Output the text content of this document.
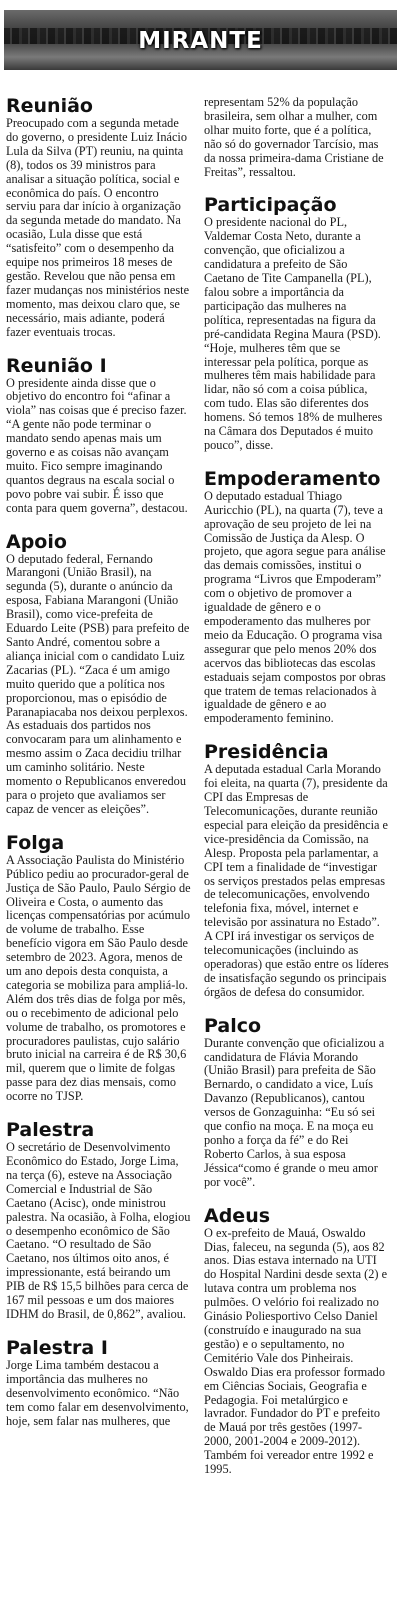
MIRANTE
Reunião

Preocupado com a segunda metade do governo, o presidente Luiz Inácio Lula da Silva (PT) reuniu, na quinta (8), todos os 39 ministros para analisar a situação política, social e econômica do país. O encontro serviu para dar início à organização da segunda metade do mandato. Na ocasião, Lula disse que está “satisfeito” com o desempenho da equipe nos primeiros 18 meses de gestão. Revelou que não pensa em fazer mudanças nos ministérios neste momento, mas deixou claro que, se necessário, mais adiante, poderá fazer eventuais trocas.

Reunião I

O presidente ainda disse que o objetivo do encontro foi “afinar a viola” nas coisas que é preciso fazer. “A gente não pode terminar o mandato sendo apenas mais um governo e as coisas não avançam muito. Fico sempre imaginando quantos degraus na escala social o povo pobre vai subir. É isso que conta para quem governa”, destacou.

Apoio

O deputado federal, Fernando Marangoni (União Brasil), na segunda (5), durante o anúncio da esposa, Fabiana Marangoni (União Brasil), como vice-prefeita de Eduardo Leite (PSB) para prefeito de Santo André, comentou sobre a aliança inicial com o candidato Luiz Zacarias (PL). “Zaca é um amigo muito querido que a política nos proporcionou, mas o episódio de Paranapiacaba nos deixou perplexos. As estaduais dos partidos nos convocaram para um alinhamento e mesmo assim o Zaca decidiu trilhar um caminho solitário. Neste momento o Republicanos enveredou para o projeto que avaliamos ser capaz de vencer as eleições”.

Folga

A Associação Paulista do Ministério Público pediu ao procurador-geral de Justiça de São Paulo, Paulo Sérgio de Oliveira e Costa, o aumento das licenças compensatórias por acúmulo de volume de trabalho. Esse benefício vigora em São Paulo desde setembro de 2023. Agora, menos de um ano depois desta conquista, a categoria se mobiliza para ampliá-lo. Além dos três dias de folga por mês, ou o recebimento de adicional pelo volume de trabalho, os promotores e procuradores paulistas, cujo salário bruto inicial na carreira é de R$ 30,6 mil, querem que o limite de folgas passe para dez dias mensais, como ocorre no TJSP.

Palestra

O secretário de Desenvolvimento Econômico do Estado, Jorge Lima, na terça (6), esteve na Associação Comercial e Industrial de São Caetano (Acisc), onde ministrou palestra. Na ocasião, à Folha, elogiou o desempenho econômico de São Caetano. “O resultado de São Caetano, nos últimos oito anos, é impressionante, está beirando um PIB de R$ 15,5 bilhões para cerca de 167 mil pessoas e um dos maiores IDHM do Brasil, de 0,862”, avaliou.

Palestra I

Jorge Lima também destacou a importância das mulheres no desenvolvimento econômico. “Não tem como falar em desenvolvimento, hoje, sem falar nas mulheres, que

representam 52% da população brasileira, sem olhar a mulher, com olhar muito forte, que é a política, não só do governador Tarcísio, mas da nossa primeira-dama Cristiane de Freitas”, ressaltou.

Participação

O presidente nacional do PL, Valdemar Costa Neto, durante a convenção, que oficializou a candidatura a prefeito de São Caetano de Tite Campanella (PL), falou sobre a importância da participação das mulheres na política, representadas na figura da pré-candidata Regina Maura (PSD). “Hoje, mulheres têm que se interessar pela política, porque as mulheres têm mais habilidade para lidar, não só com a coisa pública, com tudo. Elas são diferentes dos homens. Só temos 18% de mulheres na Câmara dos Deputados é muito pouco”, disse.

Empoderamento

O deputado estadual Thiago Auricchio (PL), na quarta (7), teve a aprovação de seu projeto de lei na Comissão de Justiça da Alesp. O projeto, que agora segue para análise das demais comissões, institui o programa “Livros que Empoderam” com o objetivo de promover a igualdade de gênero e o empoderamento das mulheres por meio da Educação. O programa visa assegurar que pelo menos 20% dos acervos das bibliotecas das escolas estaduais sejam compostos por obras que tratem de temas relacionados à igualdade de gênero e ao empoderamento feminino.

Presidência

A deputada estadual Carla Morando foi eleita, na quarta (7), presidente da CPI das Empresas de Telecomunicações, durante reunião especial para eleição da presidência e vice-presidência da Comissão, na Alesp. Proposta pela parlamentar, a CPI tem a finalidade de “investigar os serviços prestados pelas empresas de telecomunicações, envolvendo telefonia fixa, móvel, internet e televisão por assinatura no Estado”. A CPI irá investigar os serviços de telecomunicações (incluindo as operadoras) que estão entre os líderes de insatisfação segundo os principais órgãos de defesa do consumidor.

Palco

Durante convenção que oficializou a candidatura de Flávia Morando (União Brasil) para prefeita de São Bernardo, o candidato a vice, Luís Davanzo (Republicanos), cantou versos de Gonzaguinha: “Eu só sei que confio na moça. E na moça eu ponho a força da fé” e do Rei Roberto Carlos, à sua esposa Jéssica“como é grande o meu amor por você”.

Adeus

O ex-prefeito de Mauá, Oswaldo Dias, faleceu, na segunda (5), aos 82 anos. Dias estava internado na UTI do Hospital Nardini desde sexta (2) e lutava contra um problema nos pulmões. O velório foi realizado no Ginásio Poliesportivo Celso Daniel (construído e inaugurado na sua gestão) e o sepultamento, no Cemitério Vale dos Pinheirais. Oswaldo Dias era professor formado em Ciências Sociais, Geografia e Pedagogia. Foi metalúrgico e lavrador. Fundador do PT e prefeito de Mauá por três gestões (1997-2000, 2001-2004 e 2009-2012). Também foi vereador entre 1992 e 1995.
